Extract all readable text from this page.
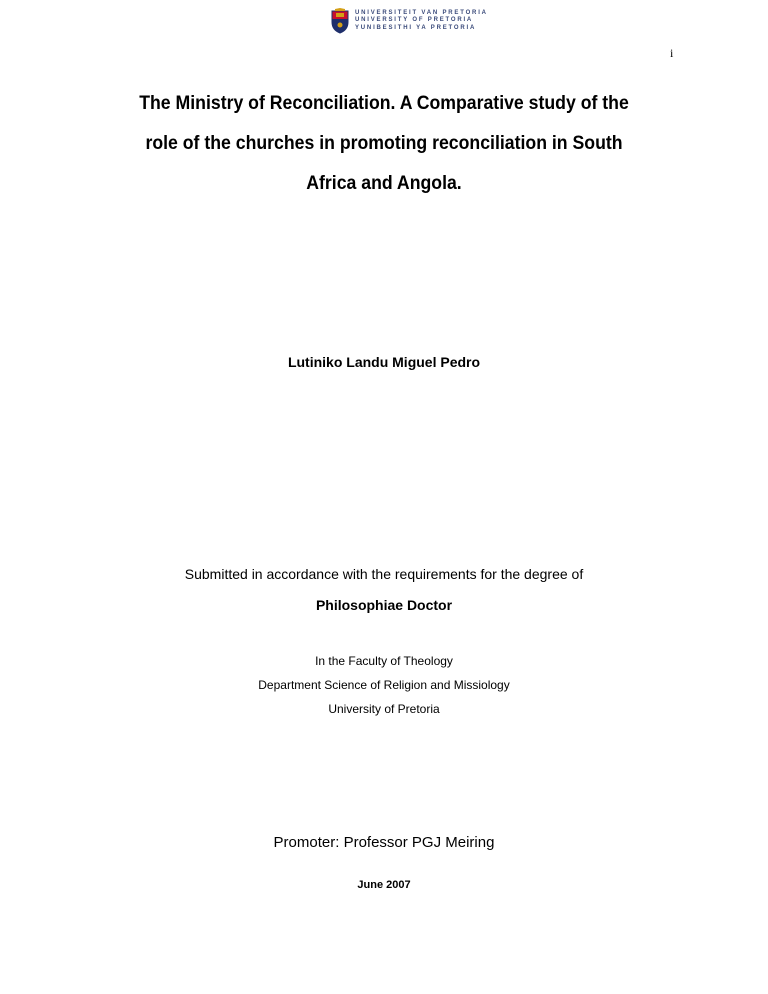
i
UNIVERSITEIT VAN PRETORIA
UNIVERSITY OF PRETORIA
YUNIBESITHI YA PRETORIA
The Ministry of Reconciliation. A Comparative study of the
role of the churches in promoting reconciliation in South
Africa and Angola.
Lutiniko Landu Miguel Pedro
Submitted in accordance with the requirements for the degree of
Philosophiae Doctor
In the Faculty of Theology
Department Science of Religion and Missiology
University of Pretoria
Promoter: Professor PGJ Meiring
June 2007
